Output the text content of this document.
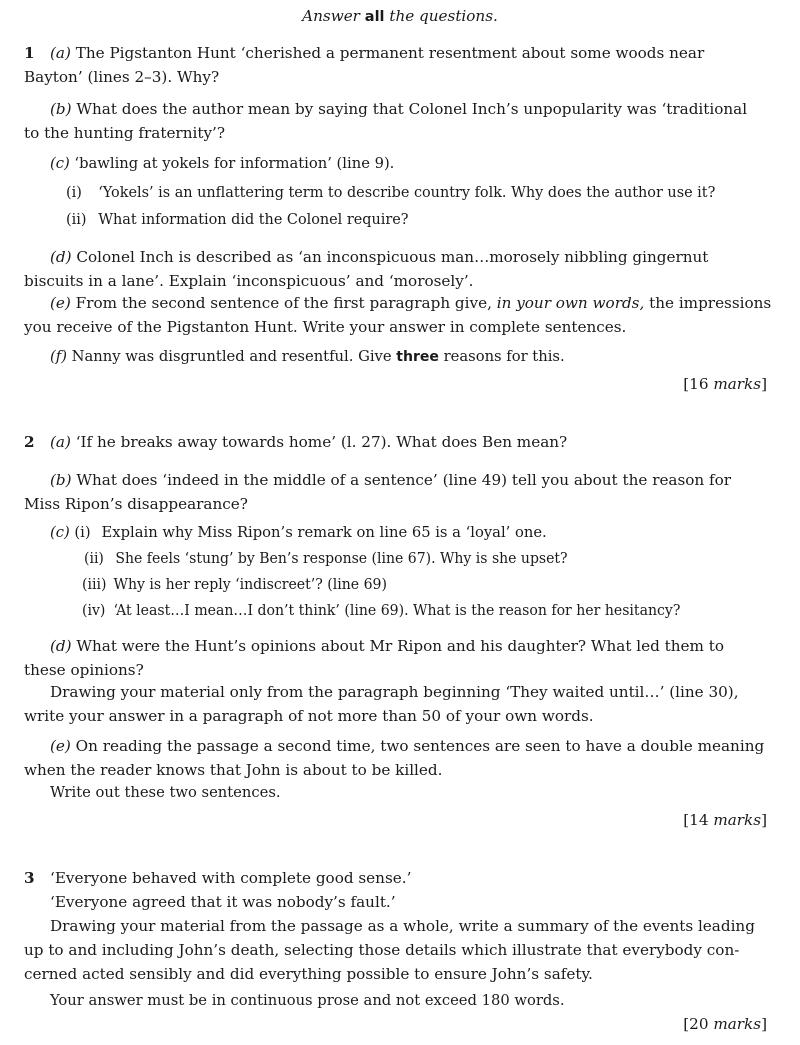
Answer all the questions.

1 (a) The Pigstanton Hunt ‘cherished a permanent resentment about some woods near
Bayton’ (lines 2–3). Why?

(b) What does the author mean by saying that Colonel Inch’s unpopularity was ‘traditional
to the hunting fraternity’?

(c) ‘bawling at yokels for information’ (line 9).

(i) ‘Yokels’ is an unflattering term to describe country folk. Why does the author use it?

(ii) What information did the Colonel require?

(d) Colonel Inch is described as ‘an inconspicuous man…morosely nibbling gingernut
biscuits in a lane’. Explain ‘inconspicuous’ and ‘morosely’.

(e) From the second sentence of the first paragraph give, in your own words, the impressions
you receive of the Pigstanton Hunt. Write your answer in complete sentences.

(f) Nanny was disgruntled and resentful. Give three reasons for this.

[16 marks]

2 (a) ‘If he breaks away towards home’ (l. 27). What does Ben mean?

(b) What does ‘indeed in the middle of a sentence’ (line 49) tell you about the reason for
Miss Ripon’s disappearance?

(c) (i) Explain why Miss Ripon’s remark on line 65 is a ‘loyal’ one.

(ii) She feels ‘stung’ by Ben’s response (line 67). Why is she upset?

(iii) Why is her reply ‘indiscreet’? (line 69)

(iv) ‘At least…I mean…I don’t think’ (line 69). What is the reason for her hesitancy?

(d) What were the Hunt’s opinions about Mr Ripon and his daughter? What led them to
these opinions?

Drawing your material only from the paragraph beginning ‘They waited until…’ (line 30),
write your answer in a paragraph of not more than 50 of your own words.

(e) On reading the passage a second time, two sentences are seen to have a double meaning
when the reader knows that John is about to be killed.

Write out these two sentences.

[14 marks]

3 ‘Everyone behaved with complete good sense.’
‘Everyone agreed that it was nobody’s fault.’

Drawing your material from the passage as a whole, write a summary of the events leading
up to and including John’s death, selecting those details which illustrate that everybody con-
cerned acted sensibly and did everything possible to ensure John’s safety.

Your answer must be in continuous prose and not exceed 180 words.

[20 marks]
